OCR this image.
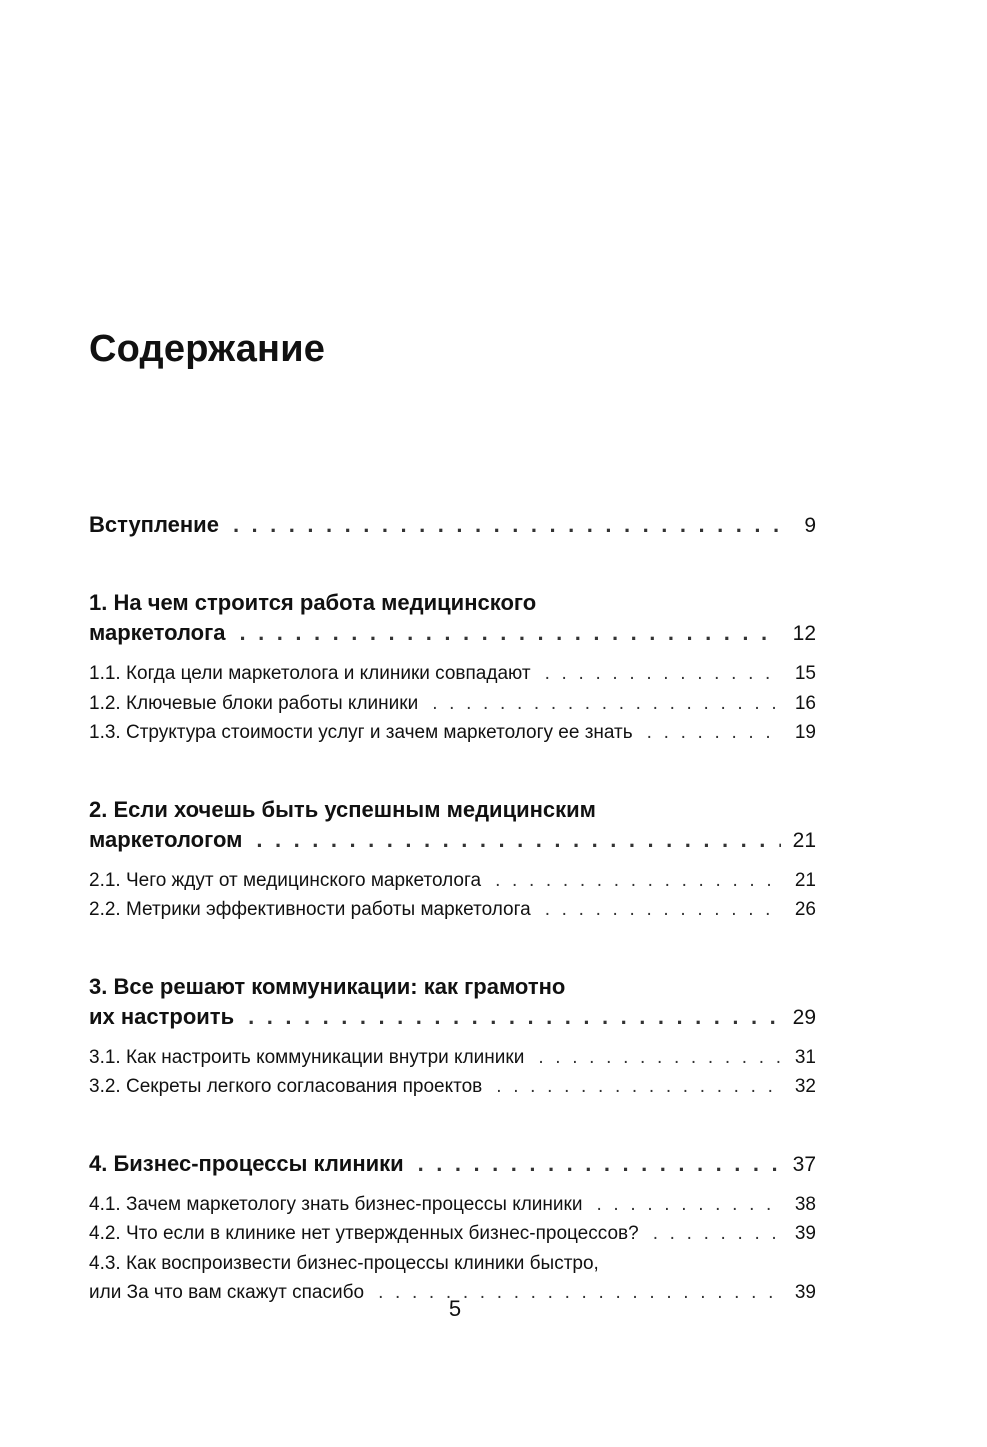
Содержание
Вступление . . .	9
1. На чем строится работа медицинского
маркетолога . . .	12
1.1. Когда цели маркетолога и клиники совпадают . . .	15
1.2. Ключевые блоки работы клиники . . .	16
1.3. Структура стоимости услуг и зачем маркетологу ее знать . . .	19
2. Если хочешь быть успешным медицинским
маркетологом . . .	21
2.1. Чего ждут от медицинского маркетолога . . .	21
2.2. Метрики эффективности работы маркетолога . . .	26
3. Все решают коммуникации: как грамотно
их настроить . . .	29
3.1. Как настроить коммуникации внутри клиники . . .	31
3.2. Секреты легкого согласования проектов . . .	32
4. Бизнес-процессы клиники . . .	37
4.1. Зачем маркетологу знать бизнес-процессы клиники . . .	38
4.2. Что если в клинике нет утвержденных бизнес-процессов? . . .	39
4.3. Как воспроизвести бизнес-процессы клиники быстро,
или За что вам скажут спасибо . . .	39
5
